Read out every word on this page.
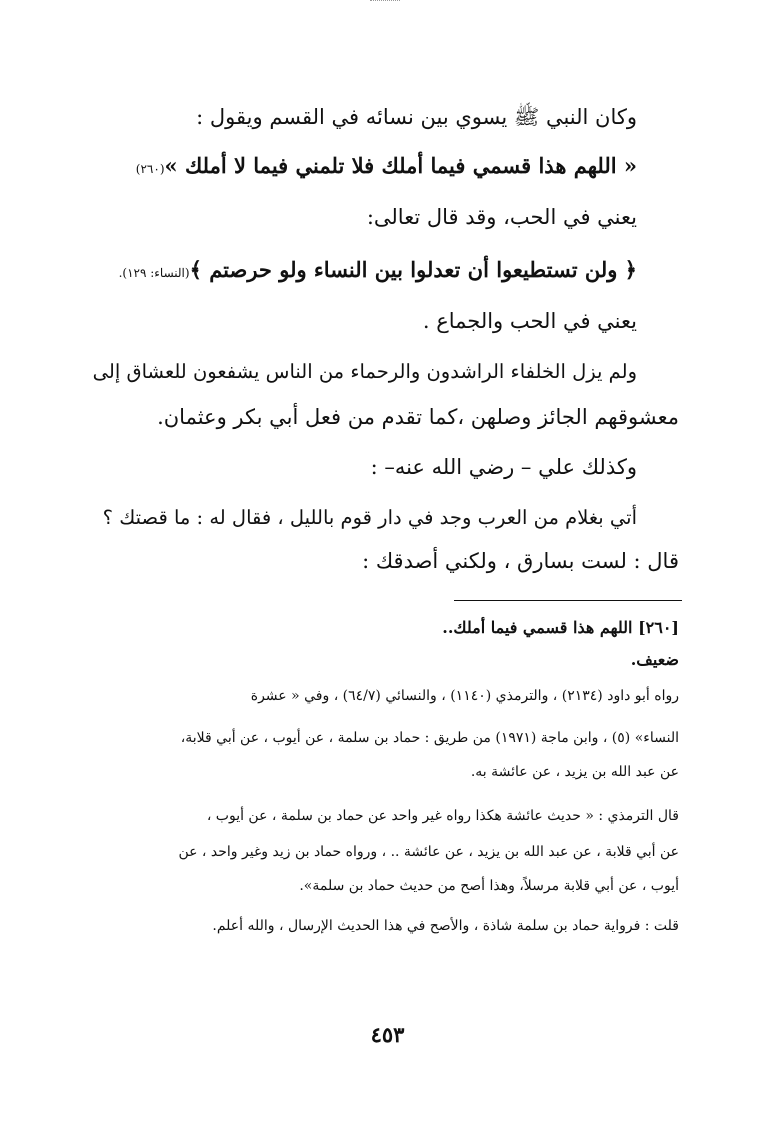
وكان النبي ﷺ يسوي بين نسائه في القسم ويقول :

« اللهم هذا قسمي فيما أملك فلا تلمني فيما لا أملك »(٢٦٠)

يعني في الحب، وقد قال تعالى:

﴿ ولن تستطيعوا أن تعدلوا بين النساء ولو حرصتم ﴾(النساء: ١٢٩).

يعني في الحب والجماع .

ولم يزل الخلفاء الراشدون والرحماء من الناس يشفعون للعشاق إلى

معشوقهم الجائز وصلهن ،كما تقدم من فعل أبي بكر وعثمان.

وكذلك علي – رضي الله عنه– :

أتي بغلام من العرب وجد في دار قوم بالليل ، فقال له : ما قصتك ؟

قال : لست بسارق ، ولكني أصدقك :

[٢٦٠] اللهم هذا قسمي فيما أملك..

ضعيف.

رواه أبو داود (٢١٣٤) ، والترمذي (١١٤٠) ، والنسائي (٦٤/٧) ، وفي « عشرة

النساء» (٥) ، وابن ماجة (١٩٧١) من طريق : حماد بن سلمة ، عن أيوب ، عن أبي قلابة،

عن عبد الله بن يزيد ، عن عائشة به.

قال الترمذي : « حديث عائشة هكذا رواه غير واحد عن حماد بن سلمة ، عن أيوب ،

عن أبي قلابة ، عن عبد الله بن يزيد ، عن عائشة .. ، ورواه حماد بن زيد وغير واحد ، عن

أيوب ، عن أبي قلابة مرسلاً، وهذا أصح من حديث حماد بن سلمة».

قلت : فرواية حماد بن سلمة شاذة ، والأصح في هذا الحديث الإرسال ، والله أعلم.

٤٥٣
